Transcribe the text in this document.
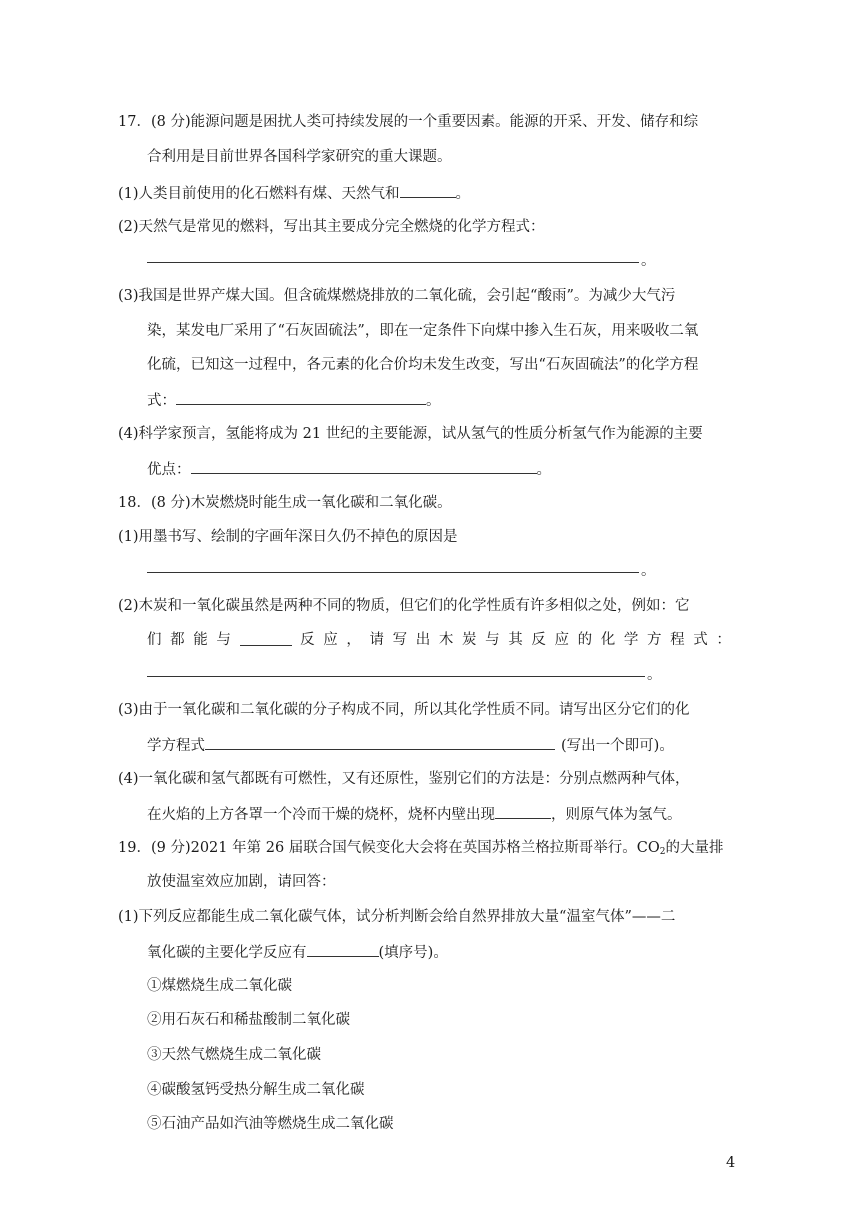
17．(8 分)能源问题是困扰人类可持续发展的一个重要因素。能源的开采、开发、储存和综
合利用是目前世界各国科学家研究的重大课题。
(1)人类目前使用的化石燃料有煤、天然气和	。
(2)天然气是常见的燃料，写出其主要成分完全燃烧的化学方程式：
。
(3)我国是世界产煤大国。但含硫煤燃烧排放的二氧化硫，会引起“酸雨”。为减少大气污
染，某发电厂采用了“石灰固硫法”，即在一定条件下向煤中掺入生石灰，用来吸收二氧
化硫，已知这一过程中，各元素的化合价均未发生改变，写出“石灰固硫法”的化学方程
式：	。
(4)科学家预言，氢能将成为 21 世纪的主要能源，试从氢气的性质分析氢气作为能源的主要
优点：	。
18．(8 分)木炭燃烧时能生成一氧化碳和二氧化碳。
(1)用墨书写、绘制的字画年深日久仍不掉色的原因是
。
(2)木炭和一氧化碳虽然是两种不同的物质，但它们的化学性质有许多相似之处，例如：它
们 都 能 与	反 应 ， 请 写 出 木 炭 与 其 反 应 的 化 学 方 程 式 ：
。
(3)由于一氧化碳和二氧化碳的分子构成不同，所以其化学性质不同。请写出区分它们的化
学方程式	(写出一个即可)。
(4)一氧化碳和氢气都既有可燃性，又有还原性，鉴别它们的方法是：分别点燃两种气体，
在火焰的上方各罩一个冷而干燥的烧杯，烧杯内壁出现	，则原气体为氢气。
19．(9 分)2021 年第 26 届联合国气候变化大会将在英国苏格兰格拉斯哥举行。$CO_2$的大量排
放使温室效应加剧，请回答：
(1)下列反应都能生成二氧化碳气体，试分析判断会给自然界排放大量“温室气体”——二
氧化碳的主要化学反应有	(填序号)。
①煤燃烧生成二氧化碳
②用石灰石和稀盐酸制二氧化碳
③天然气燃烧生成二氧化碳
④碳酸氢钙受热分解生成二氧化碳
⑤石油产品如汽油等燃烧生成二氧化碳
4
